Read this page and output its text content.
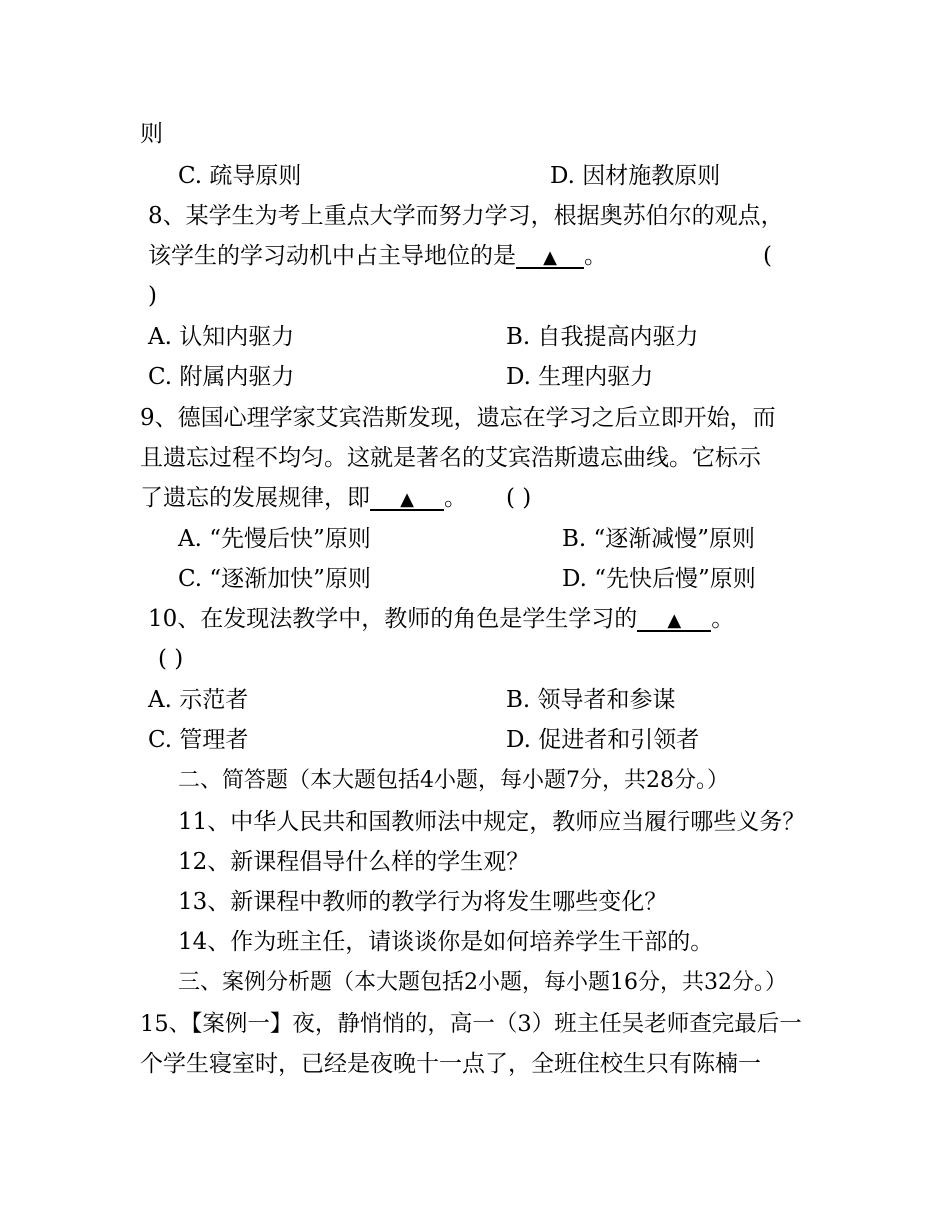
则
C. 疏导原则	D. 因材施教原则
8、某学生为考上重点大学而努力学习，根据奥苏伯尔的观点，
该学生的学习动机中占主导地位的是 ▲ 。	(
)
A. 认知内驱力	B. 自我提高内驱力
C. 附属内驱力	D. 生理内驱力
9、德国心理学家艾宾浩斯发现，遗忘在学习之后立即开始，而
且遗忘过程不均匀。这就是著名的艾宾浩斯遗忘曲线。它标示
了遗忘的发展规律，即 ▲ 。 ( )
A. “先慢后快”原则	B. “逐渐减慢”原则
C. “逐渐加快”原则	D. “先快后慢”原则
10、在发现法教学中，教师的角色是学生学习的 ▲ 。
( )
A. 示范者	B. 领导者和参谋
C. 管理者	D. 促进者和引领者
二、简答题（本大题包括4小题，每小题7分，共28分。）
11、中华人民共和国教师法中规定，教师应当履行哪些义务？
12、新课程倡导什么样的学生观？
13、新课程中教师的教学行为将发生哪些变化？
14、作为班主任，请谈谈你是如何培养学生干部的。
三、案例分析题（本大题包括2小题，每小题16分，共32分。）
15、【案例一】夜，静悄悄的，高一（3）班主任吴老师查完最后一
个学生寝室时，已经是夜晚十一点了，全班住校生只有陈楠一
